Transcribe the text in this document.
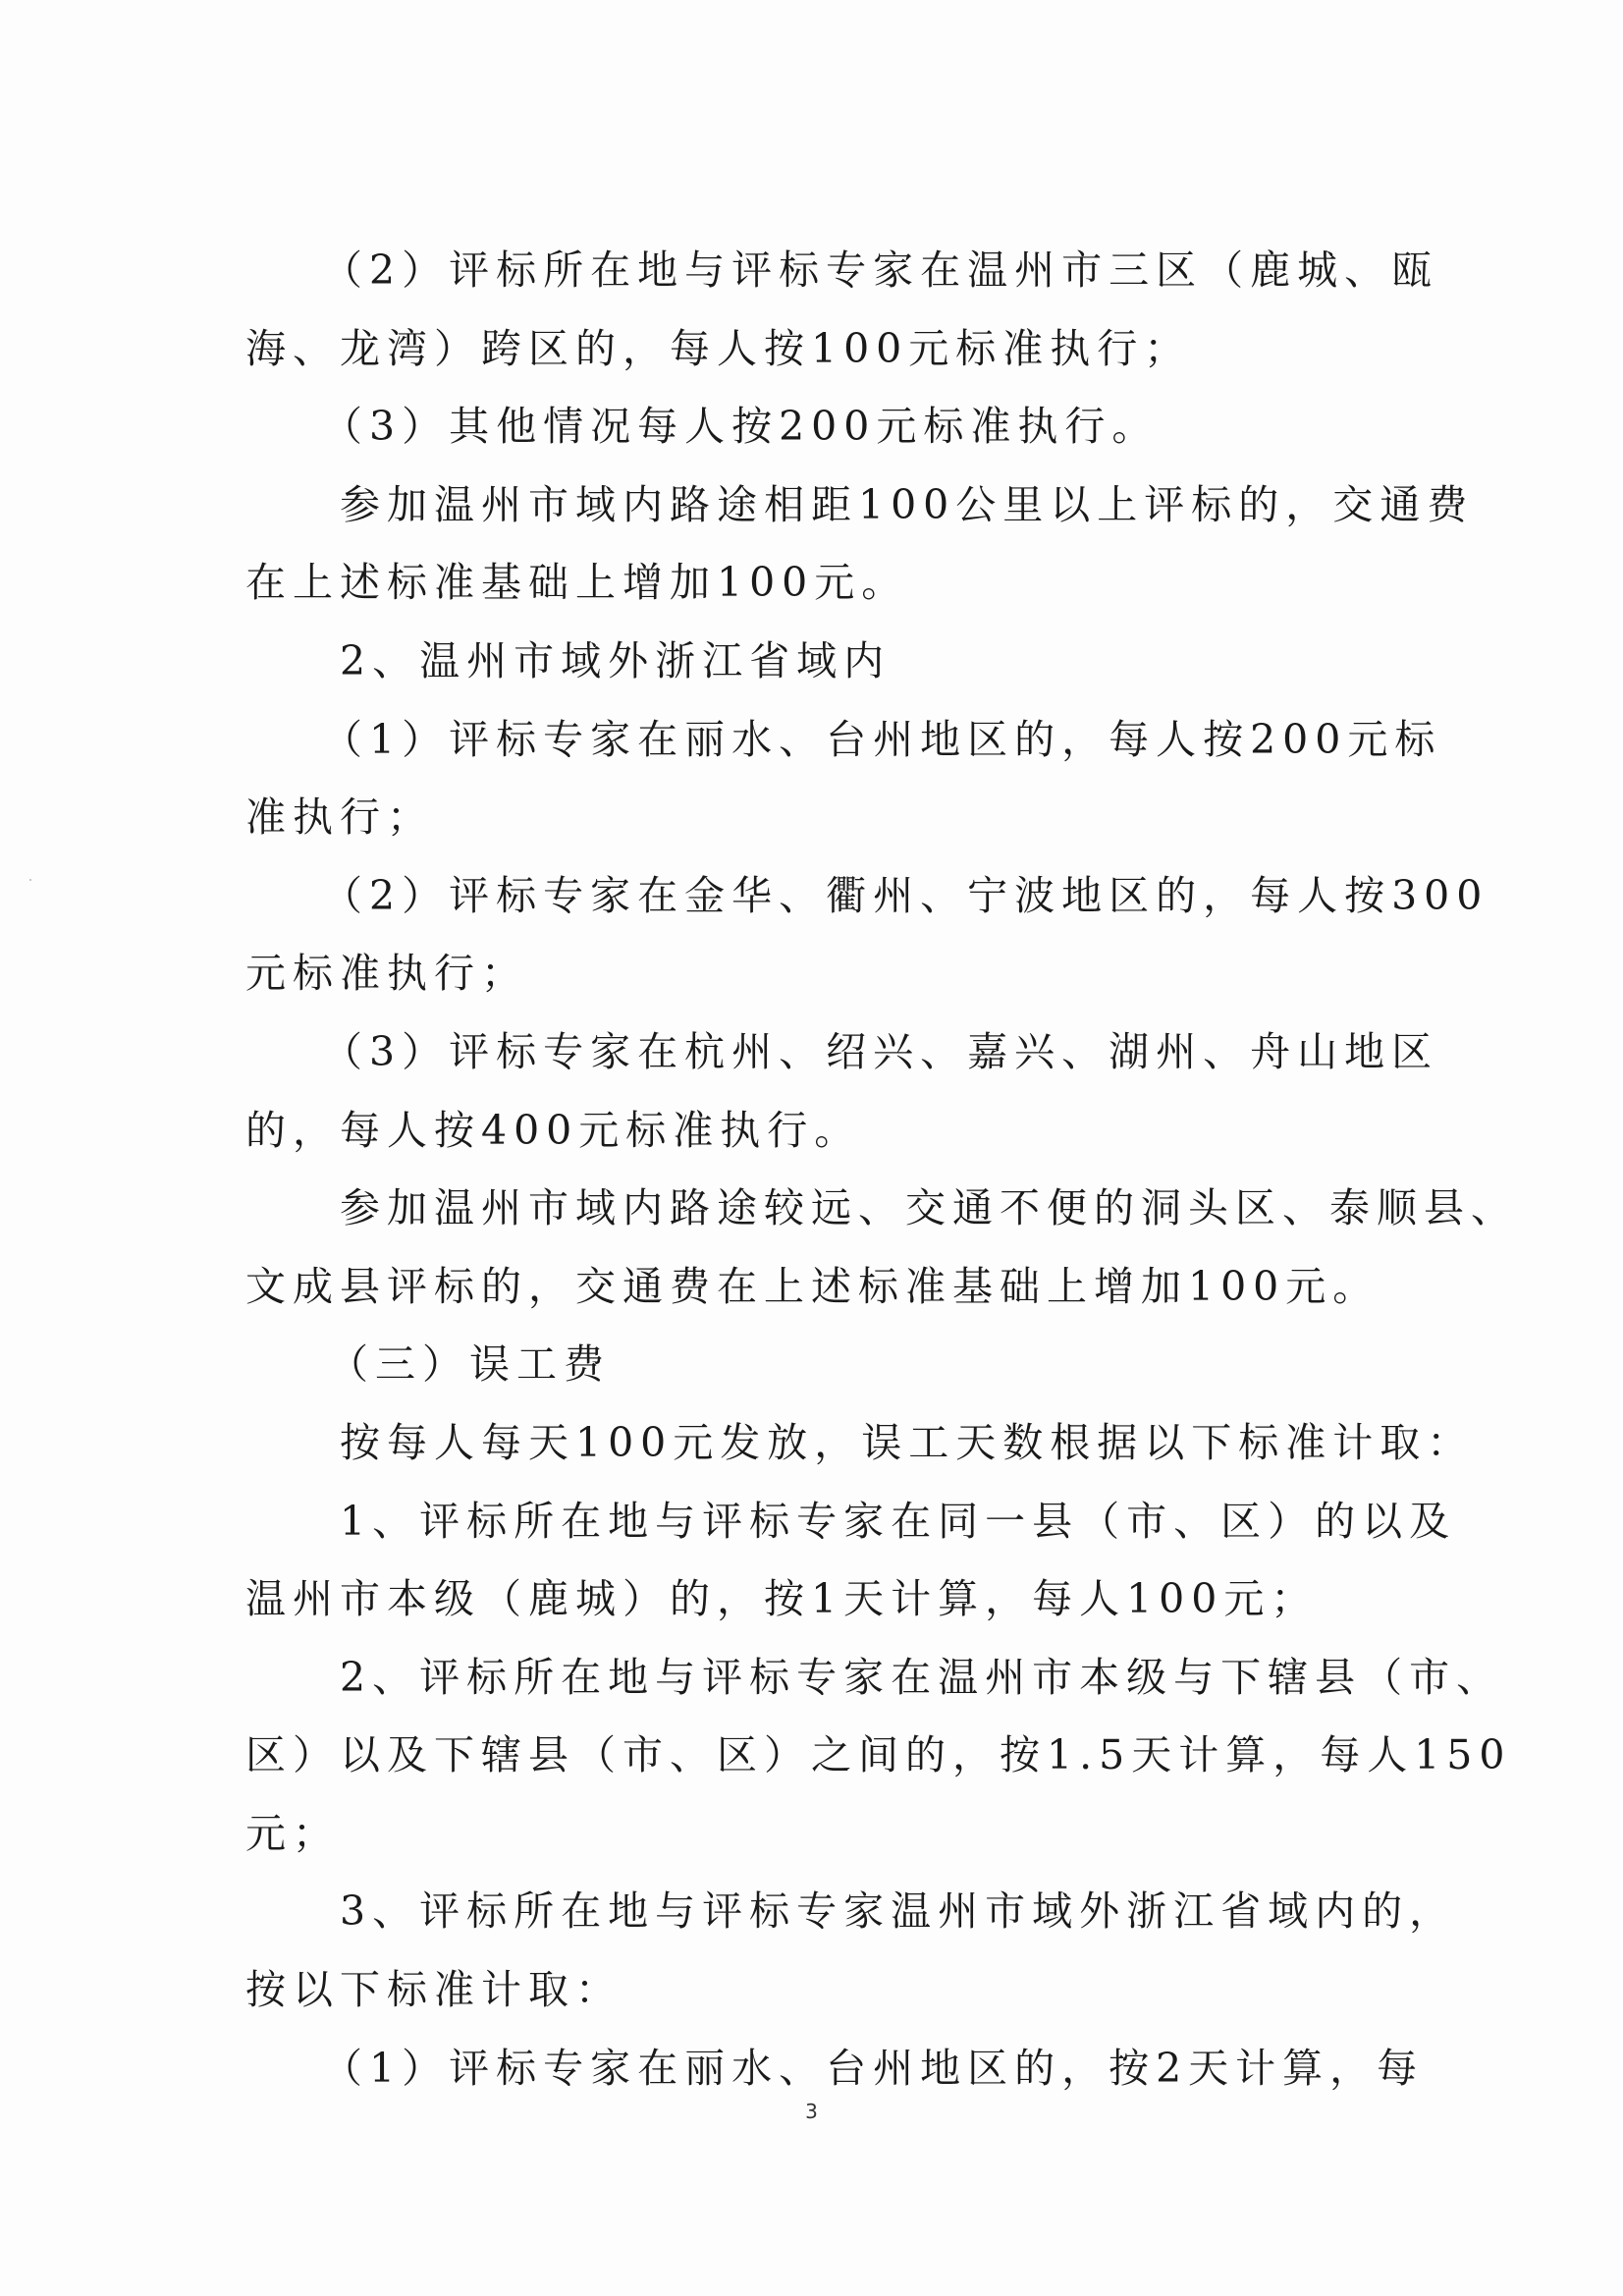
（2）评标所在地与评标专家在温州市三区（鹿城、瓯
海、龙湾）跨区的，每人按100元标准执行；
（3）其他情况每人按200元标准执行。
参加温州市域内路途相距100公里以上评标的，交通费
在上述标准基础上增加100元。
2、温州市域外浙江省域内
（1）评标专家在丽水、台州地区的，每人按200元标
准执行；
（2）评标专家在金华、衢州、宁波地区的，每人按300
元标准执行；
（3）评标专家在杭州、绍兴、嘉兴、湖州、舟山地区
的，每人按400元标准执行。
参加温州市域内路途较远、交通不便的洞头区、泰顺县、
文成县评标的，交通费在上述标准基础上增加100元。
（三）误工费
按每人每天100元发放，误工天数根据以下标准计取：
1、评标所在地与评标专家在同一县（市、区）的以及
温州市本级（鹿城）的，按1天计算，每人100元；
2、评标所在地与评标专家在温州市本级与下辖县（市、
区）以及下辖县（市、区）之间的，按1.5天计算，每人150
元；
3、评标所在地与评标专家温州市域外浙江省域内的，
按以下标准计取：
（1）评标专家在丽水、台州地区的，按2天计算，每
3
